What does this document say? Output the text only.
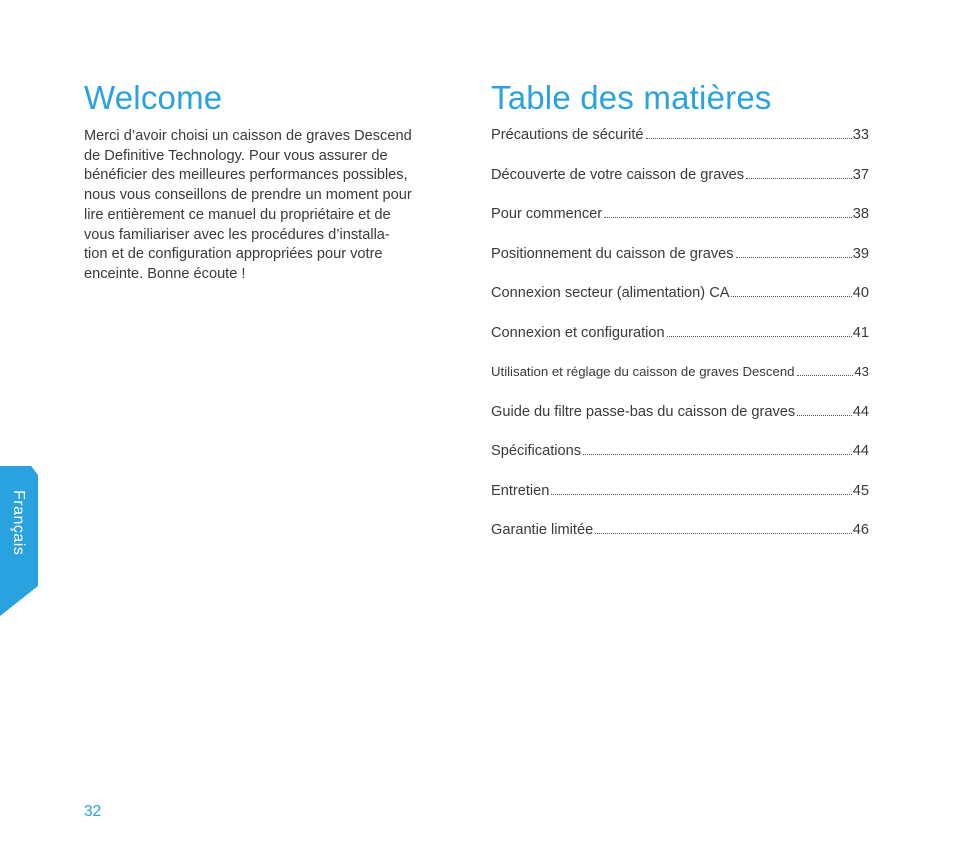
Welcome
Merci d’avoir choisi un caisson de graves Descend
de Definitive Technology. Pour vous assurer de
bénéficier des meilleures performances possibles,
nous vous conseillons de prendre un moment pour
lire entièrement ce manuel du propriétaire et de
vous familiariser avec les procédures d’installa-
tion et de configuration appropriées pour votre
enceinte. Bonne écoute !
Table des matières
Précautions de sécurité	33
Découverte de votre caisson de graves	37
Pour commencer	38
Positionnement du caisson de graves	39
Connexion secteur (alimentation) CA	40
Connexion et configuration	41
Utilisation et réglage du caisson de graves Descend	43
Guide du filtre passe-bas du caisson de graves	44
Spécifications	44
Entretien	45
Garantie limitée	46
Français
32
